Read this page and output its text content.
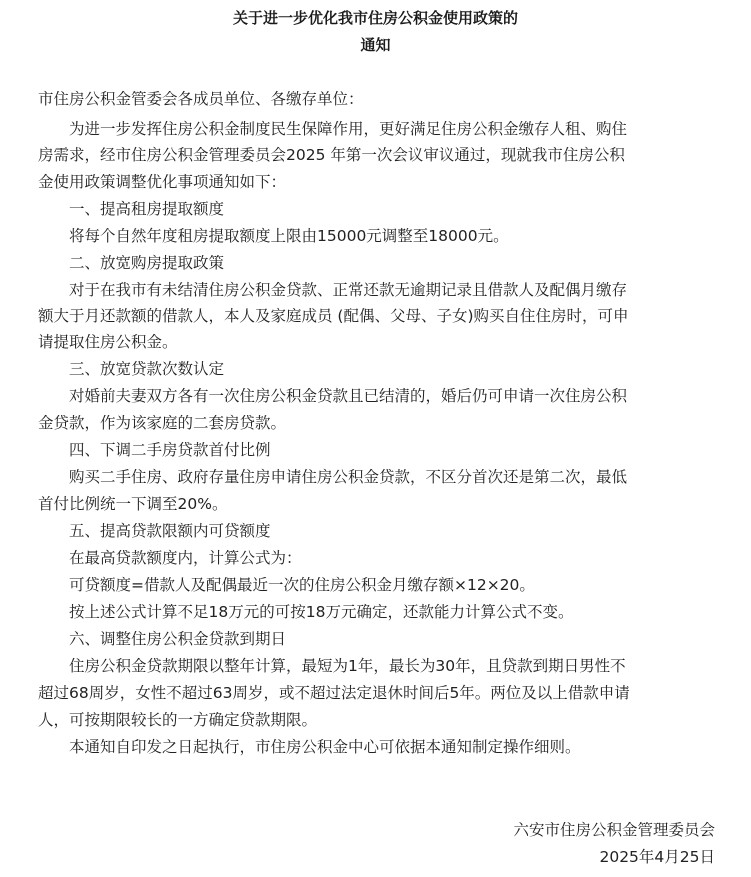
关于进一步优化我市住房公积金使用政策的
通知
市住房公积金管委会各成员单位、各缴存单位：
为进一步发挥住房公积金制度民生保障作用，更好满足住房公积金缴存人租、购住
房需求，经市住房公积金管理委员会2025 年第一次会议审议通过，现就我市住房公积
金使用政策调整优化事项通知如下：
一、提高租房提取额度
将每个自然年度租房提取额度上限由15000元调整至18000元。
二、放宽购房提取政策
对于在我市有未结清住房公积金贷款、正常还款无逾期记录且借款人及配偶月缴存
额大于月还款额的借款人，本人及家庭成员 (配偶、父母、子女)购买自住住房时，可申
请提取住房公积金。
三、放宽贷款次数认定
对婚前夫妻双方各有一次住房公积金贷款且已结清的，婚后仍可申请一次住房公积
金贷款，作为该家庭的二套房贷款。
四、下调二手房贷款首付比例
购买二手住房、政府存量住房申请住房公积金贷款，不区分首次还是第二次，最低
首付比例统一下调至20%。
五、提高贷款限额内可贷额度
在最高贷款额度内，计算公式为：
可贷额度=借款人及配偶最近一次的住房公积金月缴存额×12×20。
按上述公式计算不足18万元的可按18万元确定，还款能力计算公式不变。
六、调整住房公积金贷款到期日
住房公积金贷款期限以整年计算，最短为1年，最长为30年，且贷款到期日男性不
超过68周岁，女性不超过63周岁，或不超过法定退休时间后5年。两位及以上借款申请
人，可按期限较长的一方确定贷款期限。
本通知自印发之日起执行，市住房公积金中心可依据本通知制定操作细则。
六安市住房公积金管理委员会
2025年4月25日
